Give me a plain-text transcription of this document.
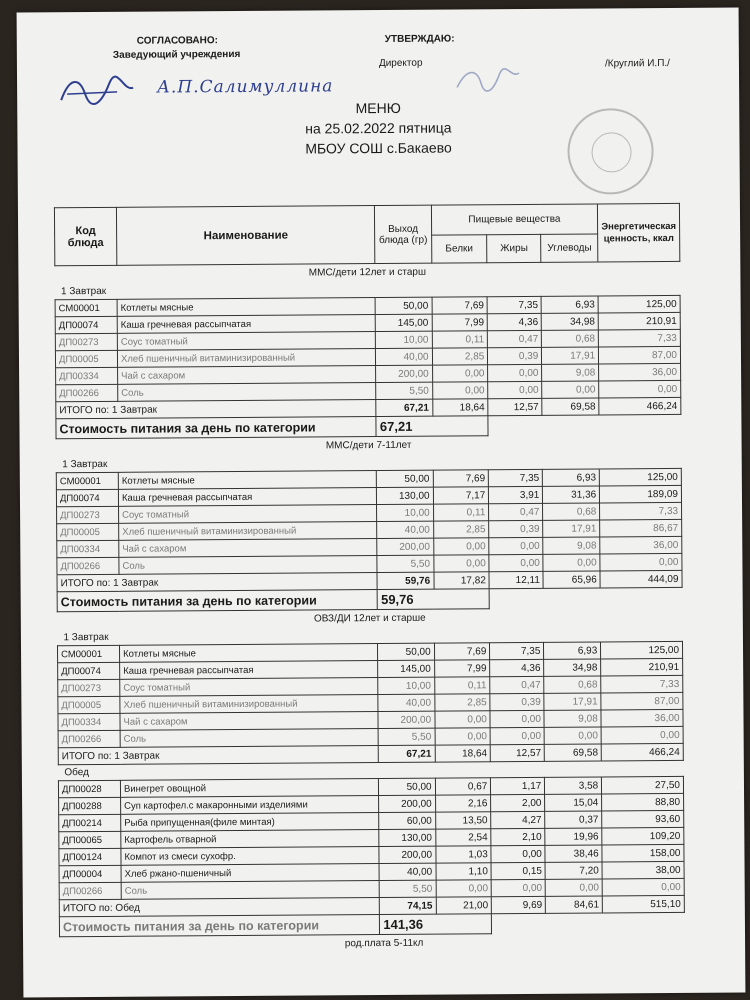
СОГЛАСОВАНО:
Заведующий учреждения
УТВЕРЖДАЮ:
Директор	/Круглий И.П./
А.П.Салимуллина
МЕНЮ
на 25.02.2022 пятница
МБОУ СОШ с.Бакаево
Код блюда	Наименование	Выход блюда (гр)	Пищевые вещества			Энергетическая ценность, ккал
			Белки	Жиры	Углеводы	
ММС/дети 12лет и старш						
1 Завтрак						
СМ00001	Котлеты мясные	50,00	7,69	7,35	6,93	125,00
ДП00074	Каша гречневая рассыпчатая	145,00	7,99	4,36	34,98	210,91
ДП00273	Соус томатный	10,00	0,11	0,47	0,68	7,33
ДП00005	Хлеб пшеничный витаминизированный	40,00	2,85	0,39	17,91	87,00
ДП00334	Чай с сахаром	200,00	0,00	0,00	9,08	36,00
ДП00266	Соль	5,50	0,00	0,00	0,00	0,00
ИТОГО по: 1 Завтрак		67,21	18,64	12,57	69,58	466,24
Стоимость питания за день по категории		67,21				
ММС/дети 7-11лет						
1 Завтрак						
СМ00001	Котлеты мясные	50,00	7,69	7,35	6,93	125,00
ДП00074	Каша гречневая рассыпчатая	130,00	7,17	3,91	31,36	189,09
ДП00273	Соус томатный	10,00	0,11	0,47	0,68	7,33
ДП00005	Хлеб пшеничный витаминизированный	40,00	2,85	0,39	17,91	86,67
ДП00334	Чай с сахаром	200,00	0,00	0,00	9,08	36,00
ДП00266	Соль	5,50	0,00	0,00	0,00	0,00
ИТОГО по: 1 Завтрак		59,76	17,82	12,11	65,96	444,09
Стоимость питания за день по категории		59,76				
ОВЗ/ДИ 12лет и старше						
1 Завтрак						
СМ00001	Котлеты мясные	50,00	7,69	7,35	6,93	125,00
ДП00074	Каша гречневая рассыпчатая	145,00	7,99	4,36	34,98	210,91
ДП00273	Соус томатный	10,00	0,11	0,47	0,68	7,33
ДП00005	Хлеб пшеничный витаминизированный	40,00	2,85	0,39	17,91	87,00
ДП00334	Чай с сахаром	200,00	0,00	0,00	9,08	36,00
ДП00266	Соль	5,50	0,00	0,00	0,00	0,00
ИТОГО по: 1 Завтрак		67,21	18,64	12,57	69,58	466,24
Обед						
ДП00028	Винегрет овощной	50,00	0,67	1,17	3,58	27,50
ДП00288	Суп картофел.с макаронными изделиями	200,00	2,16	2,00	15,04	88,80
ДП00214	Рыба припущенная(филе минтая)	60,00	13,50	4,27	0,37	93,60
ДП00065	Картофель отварной	130,00	2,54	2,10	19,96	109,20
ДП00124	Компот из смеси сухофр.	200,00	1,03	0,00	38,46	158,00
ДП00004	Хлеб ржано-пшеничный	40,00	1,10	0,15	7,20	38,00
ДП00266	Соль	5,50	0,00	0,00	0,00	0,00
ИТОГО по: Обед		74,15	21,00	9,69	84,61	515,10
Стоимость питания за день по категории		141,36				
род.плата 5-11кл
